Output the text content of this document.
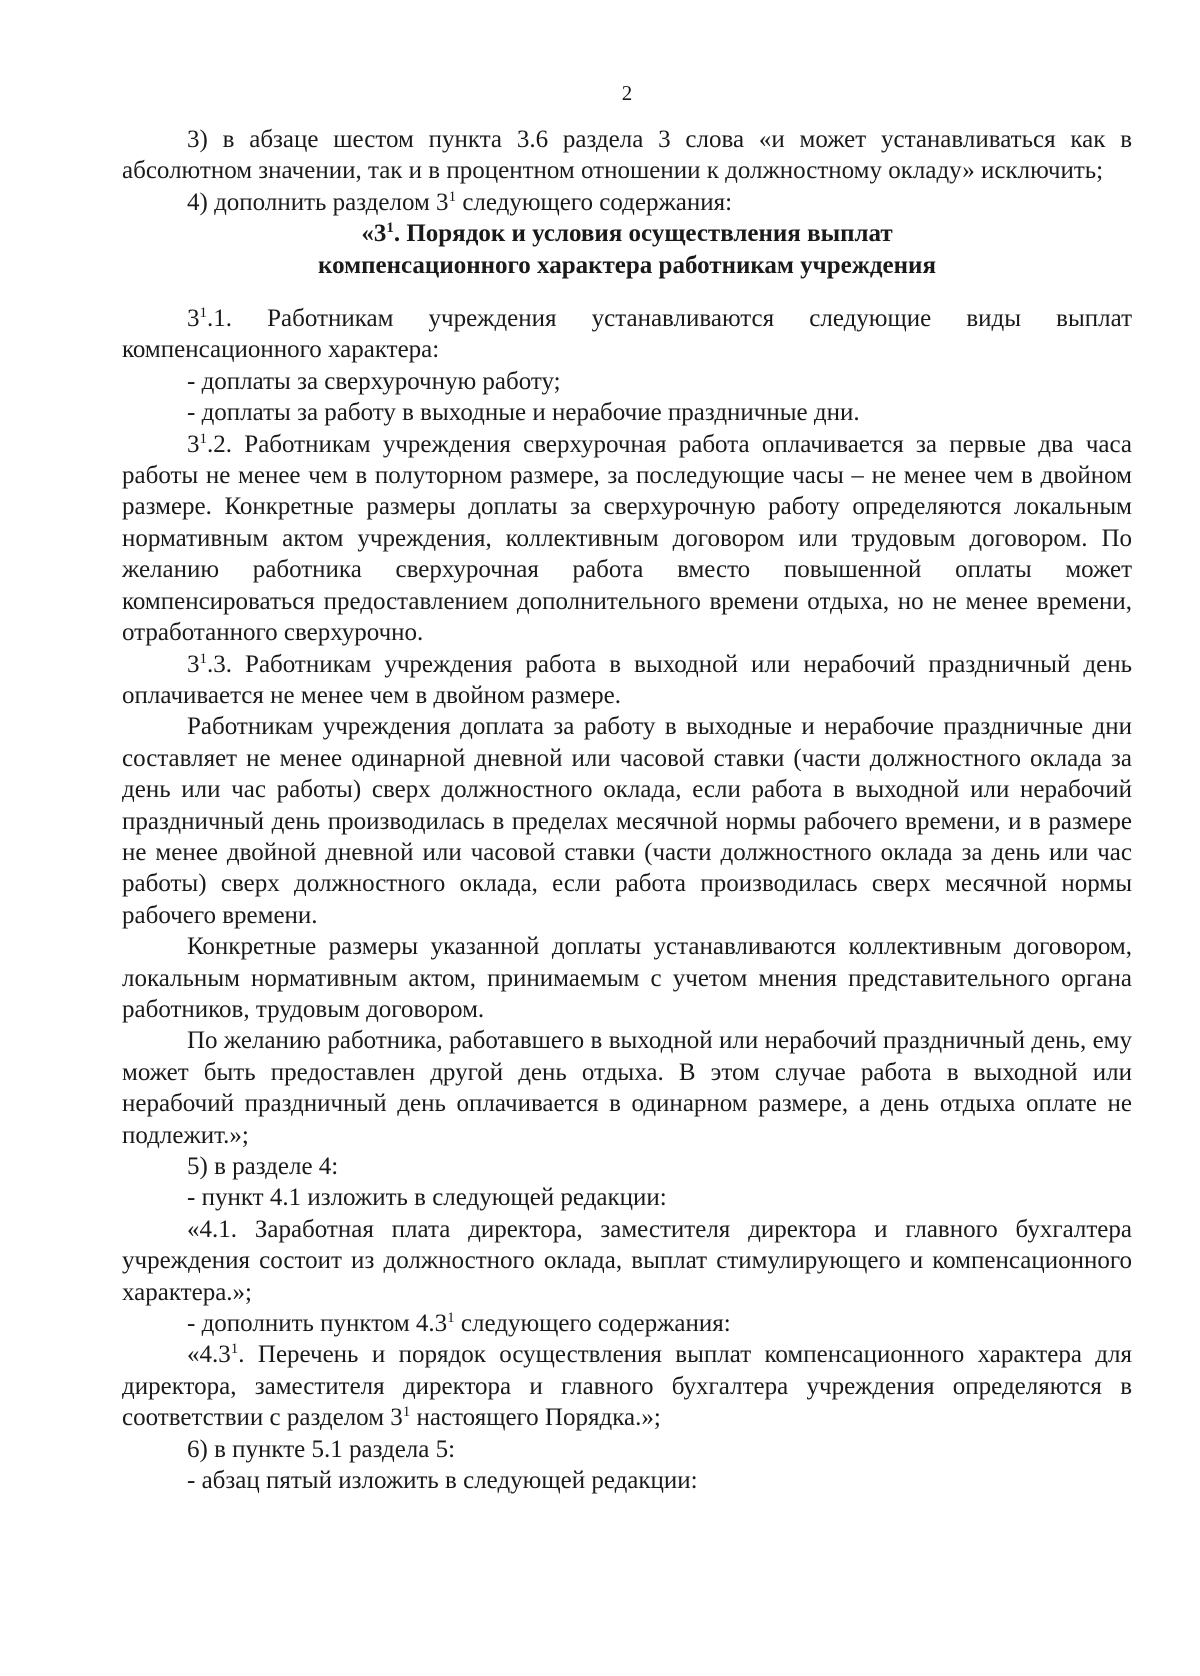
2

3) в абзаце шестом пункта 3.6 раздела 3 слова «и может устанавливаться как в абсолютном значении, так и в процентном отношении к должностному окладу» исключить;

4) дополнить разделом $3^1$ следующего содержания:

«$3^1$. Порядок и условия осуществления выплат
компенсационного характера работникам учреждения

$3^1.1$. Работникам учреждения устанавливаются следующие виды выплат компенсационного характера:

- доплаты за сверхурочную работу;

- доплаты за работу в выходные и нерабочие праздничные дни.

$3^1.2$. Работникам учреждения сверхурочная работа оплачивается за первые два часа работы не менее чем в полуторном размере, за последующие часы – не менее чем в двойном размере. Конкретные размеры доплаты за сверхурочную работу определяются локальным нормативным актом учреждения, коллективным договором или трудовым договором. По желанию работника сверхурочная работа вместо повышенной оплаты может компенсироваться предоставлением дополнительного времени отдыха, но не менее времени, отработанного сверхурочно.

$3^1.3$. Работникам учреждения работа в выходной или нерабочий праздничный день оплачивается не менее чем в двойном размере.

Работникам учреждения доплата за работу в выходные и нерабочие праздничные дни составляет не менее одинарной дневной или часовой ставки (части должностного оклада за день или час работы) сверх должностного оклада, если работа в выходной или нерабочий праздничный день производилась в пределах месячной нормы рабочего времени, и в размере не менее двойной дневной или часовой ставки (части должностного оклада за день или час работы) сверх должностного оклада, если работа производилась сверх месячной нормы рабочего времени.

Конкретные размеры указанной доплаты устанавливаются коллективным договором, локальным нормативным актом, принимаемым с учетом мнения представительного органа работников, трудовым договором.

По желанию работника, работавшего в выходной или нерабочий праздничный день, ему может быть предоставлен другой день отдыха. В этом случае работа в выходной или нерабочий праздничный день оплачивается в одинарном размере, а день отдыха оплате не подлежит.»;

5) в разделе 4:

- пункт 4.1 изложить в следующей редакции:

«4.1. Заработная плата директора, заместителя директора и главного бухгалтера учреждения состоит из должностного оклада, выплат стимулирующего и компенсационного характера.»;

- дополнить пунктом $4.3^1$ следующего содержания:

«$4.3^1$. Перечень и порядок осуществления выплат компенсационного характера для директора, заместителя директора и главного бухгалтера учреждения определяются в соответствии с разделом $3^1$ настоящего Порядка.»;

6) в пункте 5.1 раздела 5:

- абзац пятый изложить в следующей редакции:
